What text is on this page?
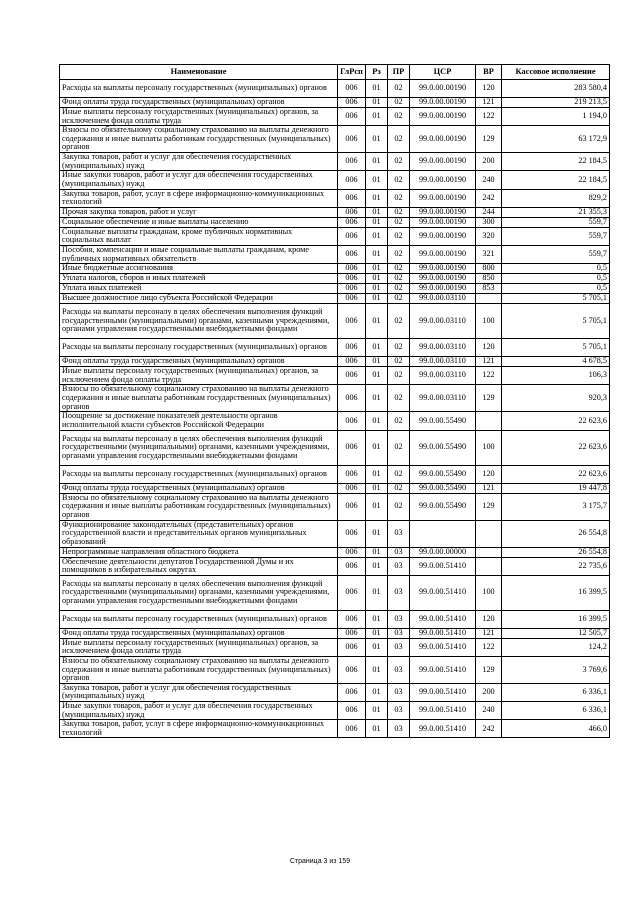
Наименование	ГлРсп	Рз	ПР	ЦСР	ВР	Кассовое исполнение
Расходы на выплаты персоналу государственных (муниципальных) органов	006	01	02	99.0.00.00190	120	283 580,4
Фонд оплаты труда государственных (муниципальных) органов	006	01	02	99.0.00.00190	121	219 213,5
Иные выплаты персоналу государственных (муниципальных) органов, за исключением фонда оплаты труда	006	01	02	99.0.00.00190	122	1 194,0
Взносы по обязательному социальному страхованию на выплаты денежного содержания и иные выплаты работникам государственных (муниципальных) органов	006	01	02	99.0.00.00190	129	63 172,9
Закупка товаров, работ и услуг для обеспечения государственных (муниципальных) нужд	006	01	02	99.0.00.00190	200	22 184,5
Иные закупки товаров, работ и услуг для обеспечения государственных (муниципальных) нужд	006	01	02	99.0.00.00190	240	22 184,5
Закупка товаров, работ, услуг в сфере информационно-коммуникационных технологий	006	01	02	99.0.00.00190	242	829,2
Прочая закупка товаров, работ и услуг	006	01	02	99.0.00.00190	244	21 355,3
Социальное обеспечение и иные выплаты населению	006	01	02	99.0.00.00190	300	559,7
Социальные выплаты гражданам, кроме публичных нормативных социальных выплат	006	01	02	99.0.00.00190	320	559,7
Пособия, компенсации и иные социальные выплаты гражданам, кроме публичных нормативных обязательств	006	01	02	99.0.00.00190	321	559,7
Иные бюджетные ассигнования	006	01	02	99.0.00.00190	800	0,5
Уплата налогов, сборов и иных платежей	006	01	02	99.0.00.00190	850	0,5
Уплата иных платежей	006	01	02	99.0.00.00190	853	0,5
Высшее должностное лицо субъекта Российской Федерации	006	01	02	99.0.00.03110		5 705,1
Расходы на выплаты персоналу в целях обеспечения выполнения функций государственными (муниципальными) органами, казенными учреждениями, органами управления государственными внебюджетными фондами	006	01	02	99.0.00.03110	100	5 705,1
Расходы на выплаты персоналу государственных (муниципальных) органов	006	01	02	99.0.00.03110	120	5 705,1
Фонд оплаты труда государственных (муниципальных) органов	006	01	02	99.0.00.03110	121	4 678,5
Иные выплаты персоналу государственных (муниципальных) органов, за исключением фонда оплаты труда	006	01	02	99.0.00.03110	122	106,3
Взносы по обязательному социальному страхованию на выплаты денежного содержания и иные выплаты работникам государственных (муниципальных) органов	006	01	02	99.0.00.03110	129	920,3
Поощрение за достижение показателей деятельности органов исполнительной власти субъектов Российской Федерации	006	01	02	99.0.00.55490		22 623,6
Расходы на выплаты персоналу в целях обеспечения выполнения функций государственными (муниципальными) органами, казенными учреждениями, органами управления государственными внебюджетными фондами	006	01	02	99.0.00.55490	100	22 623,6
Расходы на выплаты персоналу государственных (муниципальных) органов	006	01	02	99.0.00.55490	120	22 623,6
Фонд оплаты труда государственных (муниципальных) органов	006	01	02	99.0.00.55490	121	19 447,8
Взносы по обязательному социальному страхованию на выплаты денежного содержания и иные выплаты работникам государственных (муниципальных) органов	006	01	02	99.0.00.55490	129	3 175,7
Функционирование законодательных (представительных) органов государственной власти и представительных органов муниципальных образований	006	01	03			26 554,8
Непрограммные направления областного бюджета	006	01	03	99.0.00.00000		26 554,8
Обеспечение деятельности депутатов Государственной Думы и их помощников в избирательных округах	006	01	03	99.0.00.51410		22 735,6
Расходы на выплаты персоналу в целях обеспечения выполнения функций государственными (муниципальными) органами, казенными учреждениями, органами управления государственными внебюджетными фондами	006	01	03	99.0.00.51410	100	16 399,5
Расходы на выплаты персоналу государственных (муниципальных) органов	006	01	03	99.0.00.51410	120	16 399,5
Фонд оплаты труда государственных (муниципальных) органов	006	01	03	99.0.00.51410	121	12 505,7
Иные выплаты персоналу государственных (муниципальных) органов, за исключением фонда оплаты труда	006	01	03	99.0.00.51410	122	124,2
Взносы по обязательному социальному страхованию на выплаты денежного содержания и иные выплаты работникам государственных (муниципальных) органов	006	01	03	99.0.00.51410	129	3 769,6
Закупка товаров, работ и услуг для обеспечения государственных (муниципальных) нужд	006	01	03	99.0.00.51410	200	6 336,1
Иные закупки товаров, работ и услуг для обеспечения государственных (муниципальных) нужд	006	01	03	99.0.00.51410	240	6 336,1
Закупка товаров, работ, услуг в сфере информационно-коммуникационных технологий	006	01	03	99.0.00.51410	242	466,0
Страница 3 из 159
